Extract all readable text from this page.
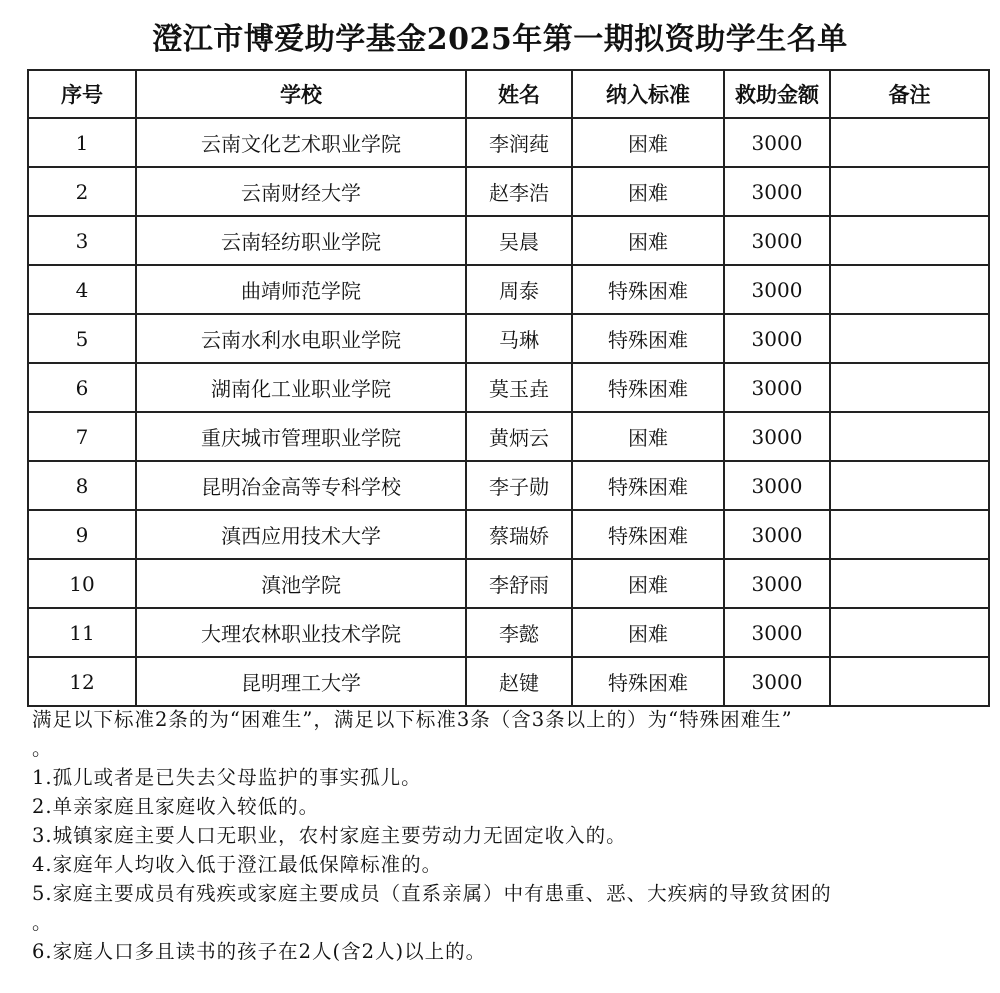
澄江市博爱助学基金2025年第一期拟资助学生名单
序号	学校	姓名	纳入标准	救助金额	备注
1	云南文化艺术职业学院	李润莼	困难	3000	
2	云南财经大学	赵李浩	困难	3000	
3	云南轻纺职业学院	吴晨	困难	3000	
4	曲靖师范学院	周泰	特殊困难	3000	
5	云南水利水电职业学院	马琳	特殊困难	3000	
6	湖南化工业职业学院	莫玉垚	特殊困难	3000	
7	重庆城市管理职业学院	黄炳云	困难	3000	
8	昆明冶金高等专科学校	李子勋	特殊困难	3000	
9	滇西应用技术大学	蔡瑞娇	特殊困难	3000	
10	滇池学院	李舒雨	困难	3000	
11	大理农林职业技术学院	李懿	困难	3000	
12	昆明理工大学	赵键	特殊困难	3000	

满足以下标准2条的为“困难生”，满足以下标准3条（含3条以上的）为“特殊困难生”

。

1.孤儿或者是已失去父母监护的事实孤儿。

2.单亲家庭且家庭收入较低的。

3.城镇家庭主要人口无职业，农村家庭主要劳动力无固定收入的。

4.家庭年人均收入低于澄江最低保障标准的。

5.家庭主要成员有残疾或家庭主要成员（直系亲属）中有患重、恶、大疾病的导致贫困的

。

6.家庭人口多且读书的孩子在2人(含2人)以上的。
